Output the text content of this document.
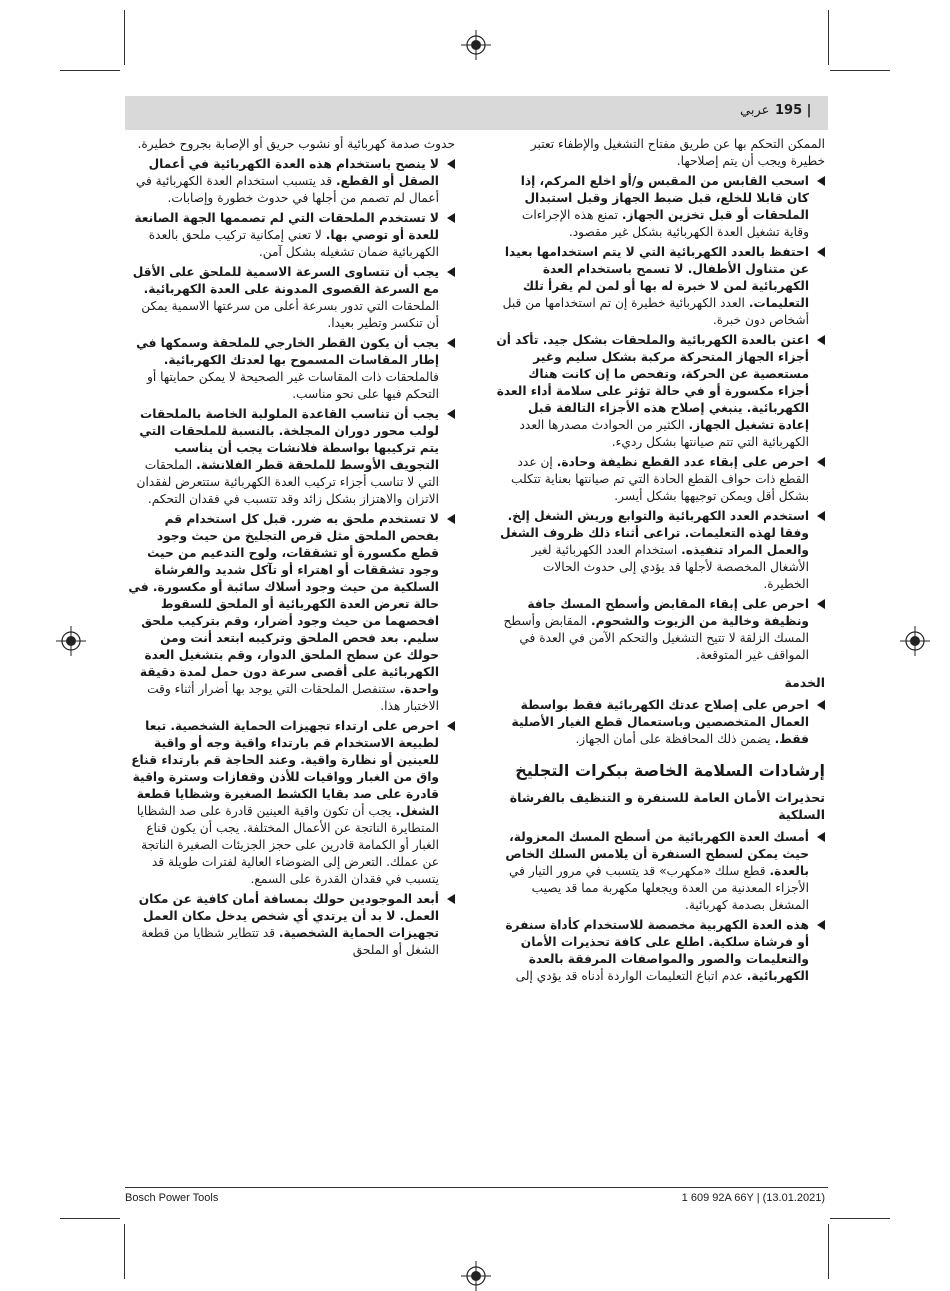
195 |
عربي
الممكن التحكم بها عن طريق مفتاح التشغيل والإطفاء تعتبر خطيرة ويجب أن يتم إصلاحها.
اسحب القابس من المقبس و/أو اخلع المركم، إذا كان قابلا للخلع، قبل ضبط الجهاز وقبل استبدال الملحقات أو قبل تخزين الجهاز. تمنع هذه الإجراءات وقاية تشغيل العدة الكهربائية بشكل غير مقصود.
احتفظ بالعدد الكهربائية التي لا يتم استخدامها بعيدا عن متناول الأطفال. لا تسمح باستخدام العدة الكهربائية لمن لا خبرة له بها أو لمن لم يقرأ تلك التعليمات. العدد الكهربائية خطيرة إن تم استخدامها من قبل أشخاص دون خبرة.
اعتن بالعدة الكهربائية والملحقات بشكل جيد. تأكد أن أجزاء الجهاز المتحركة مركبة بشكل سليم وغير مستعصية عن الحركة، وتفحص ما إن كانت هناك أجزاء مكسورة أو في حالة تؤثر على سلامة أداء العدة الكهربائية. ينبغي إصلاح هذه الأجزاء التالفة قبل إعادة تشغيل الجهاز. الكثير من الحوادث مصدرها العدد الكهربائية التي تتم صيانتها بشكل رديء.
احرص على إبقاء عدد القطع نظيفة وحادة. إن عدد القطع ذات حواف القطع الحادة التي تم صيانتها بعناية تتكلب بشكل أقل ويمكن توجيهها بشكل أيسر.
استخدم العدد الكهربائية والتوابع وريش الشغل إلخ. وفقا لهذه التعليمات. تراعى أثناء ذلك ظروف الشغل والعمل المراد تنفيذه. استخدام العدد الكهربائية لغير الأشغال المخصصة لأجلها قد يؤدي إلى حدوث الحالات الخطيرة.
احرص على إبقاء المقابض وأسطح المسك جافة ونظيفة وخالية من الزيوت والشحوم. المقابض وأسطح المسك الزلقة لا تتيح التشغيل والتحكم الآمن في العدة في المواقف غير المتوقعة.
الخدمة
احرص على إصلاح عدتك الكهربائية فقط بواسطة العمال المتخصصين وباستعمال قطع الغيار الأصلية فقط. يضمن ذلك المحافظة على أمان الجهاز.
إرشادات السلامة الخاصة ببكرات التجليخ
تحذيرات الأمان العامة للسنفرة و التنظيف بالفرشاة السلكية
أمسك العدة الكهربائية من أسطح المسك المعزولة، حيث يمكن لسطح السنفرة أن يلامس السلك الخاص بالعدة. قطع سلك «مكهرب» قد يتسبب في مرور التيار في الأجزاء المعدنية من العدة ويجعلها مكهربة مما قد يصيب المشغل بصدمة كهربائية.
هذه العدة الكهربية مخصصة للاستخدام كأداة سنفرة أو فرشاة سلكية. اطلع على كافة تحذيرات الأمان والتعليمات والصور والمواصفات المرفقة بالعدة الكهربائية. عدم اتباع التعليمات الواردة أدناه قد يؤدي إلى
حدوث صدمة كهربائية أو نشوب حريق أو الإصابة بجروح خطيرة.
لا ينصح باستخدام هذه العدة الكهربائية في أعمال الصقل أو القطع. قد يتسبب استخدام العدة الكهربائية في أعمال لم تصمم من أجلها في حدوث خطورة وإصابات.
لا تستخدم الملحقات التي لم تصممها الجهة الصانعة للعدة أو توصي بها. لا تعني إمكانية تركيب ملحق بالعدة الكهربائية ضمان تشغيله بشكل آمن.
يجب أن تتساوى السرعة الاسمية للملحق على الأقل مع السرعة القصوى المدونة على العدة الكهربائية. الملحقات التي تدور بسرعة أعلى من سرعتها الاسمية يمكن أن تنكسر وتطير بعيدا.
يجب أن يكون القطر الخارجي للملحقة وسمكها في إطار المقاسات المسموح بها لعدتك الكهربائية. فالملحقات ذات المقاسات غير الصحيحة لا يمكن حمايتها أو التحكم فيها على نحو مناسب.
يجب أن تناسب القاعدة الملولبة الخاصة بالملحقات لولب محور دوران المجلخة. بالنسبة للملحقات التي يتم تركيبها بواسطة فلانشات يجب أن يناسب التجويف الأوسط للملحقة قطر الفلانشة. الملحقات التي لا تناسب أجزاء تركيب العدة الكهربائية ستتعرض لفقدان الاتزان والاهتزاز بشكل زائد وقد تتسبب في فقدان التحكم.
لا تستخدم ملحق به ضرر. قبل كل استخدام قم بفحص الملحق مثل قرص التجليخ من حيث وجود قطع مكسورة أو تشققات، ولوح التدعيم من حيث وجود تشققات أو اهتراء أو تآكل شديد والفرشاة السلكية من حيث وجود أسلاك سائبة أو مكسورة. في حالة تعرض العدة الكهربائية أو الملحق للسقوط افحصهما من حيث وجود أضرار، وقم بتركيب ملحق سليم. بعد فحص الملحق وتركيبه ابتعد أنت ومن حولك عن سطح الملحق الدوار، وقم بتشغيل العدة الكهربائية على أقصى سرعة دون حمل لمدة دقيقة واحدة. ستنفصل الملحقات التي يوجد بها أضرار أثناء وقت الاختبار هذا.
احرص على ارتداء تجهيزات الحماية الشخصية. تبعا لطبيعة الاستخدام قم بارتداء واقية وجه أو واقية للعينين أو نظارة واقية. وعند الحاجة قم بارتداء قناع واق من الغبار وواقيات للأذن وقفازات وسترة واقية قادرة على صد بقايا الكشط الصغيرة وشظايا قطعة الشغل. يجب أن تكون واقية العينين قادرة على صد الشظايا المتطايرة الناتجة عن الأعمال المختلفة. يجب أن يكون قناع الغبار أو الكمامة قادرين على حجز الجزيئات الصغيرة الناتجة عن عملك. التعرض إلى الضوضاء العالية لفترات طويلة قد يتسبب في فقدان القدرة على السمع.
أبعد الموجودين حولك بمسافة أمان كافية عن مكان العمل. لا بد أن يرتدي أي شخص يدخل مكان العمل تجهيزات الحماية الشخصية. قد تتطاير شظايا من قطعة الشغل أو الملحق
Bosch Power Tools	1 609 92A 66Y | (13.01.2021)
